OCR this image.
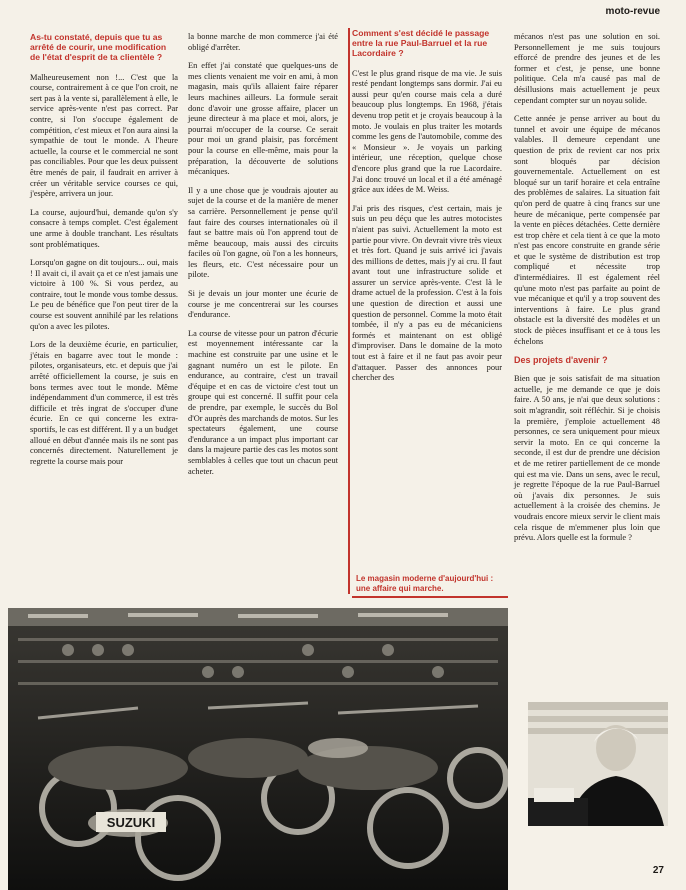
moto-revue
As-tu constaté, depuis que tu as arrêté de courir, une modification de l'état d'esprit de ta clientèle ?

Malheureusement non !... C'est que la course, contrairement à ce que l'on croit, ne sert pas à la vente si, parallèlement à elle, le service après-vente n'est pas correct. Par contre, si l'on s'occupe également de compétition, c'est mieux et l'on aura ainsi la sympathie de tout le monde. A l'heure actuelle, la course et le commercial ne sont pas conciliables. Pour que les deux puissent être menés de pair, il faudrait en arriver à créer un véritable service courses ce qui, j'espère, arrivera un jour.

La course, aujourd'hui, demande qu'on s'y consacre à temps complet. C'est également une arme à double tranchant. Les résultats sont problématiques.

Lorsqu'on gagne on dit toujours... oui, mais ! Il avait ci, il avait ça et ce n'est jamais une victoire à 100 %. Si vous perdez, au contraire, tout le monde vous tombe dessus. Le peu de bénéfice que l'on peut tirer de la course est souvent annihilé par les relations qu'on a avec les pilotes.

Lors de la deuxième écurie, en particulier, j'étais en bagarre avec tout le monde : pilotes, organisateurs, etc. et depuis que j'ai arrêté officiellement la course, je suis en bons termes avec tout le monde. Même indépendamment d'un commerce, il est très difficile et très ingrat de s'occuper d'une écurie. En ce qui concerne les extra-sportifs, le cas est différent. Il y a un budget alloué en début d'année mais ils ne sont pas concernés directement. Naturellement je regrette la course mais pour

la bonne marche de mon commerce j'ai été obligé d'arrêter.

En effet j'ai constaté que quelques-uns de mes clients venaient me voir en ami, à mon magasin, mais qu'ils allaient faire réparer leurs machines ailleurs. La formule serait donc d'avoir une grosse affaire, placer un jeune directeur à ma place et moi, alors, je pourrai m'occuper de la course. Ce serait pour moi un grand plaisir, pas forcément pour la course en elle-même, mais pour la préparation, la découverte de solutions mécaniques.

Il y a une chose que je voudrais ajouter au sujet de la course et de la manière de mener sa carrière. Personnellement je pense qu'il faut faire des courses internationales où il faut se battre mais où l'on apprend tout de même beaucoup, mais aussi des circuits faciles où l'on gagne, où l'on a les honneurs, les fleurs, etc. C'est nécessaire pour un pilote.

Si je devais un jour monter une écurie de course je me concentrerai sur les courses d'endurance.

La course de vitesse pour un patron d'écurie est moyennement intéressante car la machine est construite par une usine et le gagnant numéro un est le pilote. En endurance, au contraire, c'est un travail d'équipe et en cas de victoire c'est tout un groupe qui est concerné. Il suffit pour cela de prendre, par exemple, le succès du Bol d'Or auprès des marchands de motos. Sur les spectateurs également, une course d'endurance a un impact plus important car dans la majeure partie des cas les motos sont semblables à celles que tout un chacun peut acheter.

Comment s'est décidé le passage entre la rue Paul-Barruel et la rue Lacordaire ?

C'est le plus grand risque de ma vie. Je suis resté pendant longtemps sans dormir. J'ai eu aussi peur qu'en course mais cela a duré beaucoup plus longtemps. En 1968, j'étais devenu trop petit et je croyais beaucoup à la moto. Je voulais en plus traiter les motards comme les gens de l'automobile, comme des « Monsieur ». Je voyais un parking intérieur, une réception, quelque chose d'encore plus grand que la rue Lacordaire. J'ai donc trouvé un local et il a été aménagé grâce aux idées de M. Weiss.

J'ai pris des risques, c'est certain, mais je suis un peu déçu que les autres motocistes n'aient pas suivi. Actuellement la moto est partie pour vivre. On devrait vivre très vieux et très fort. Quand je suis arrivé ici j'avais des millions de dettes, mais j'y ai cru. Il faut avant tout une infrastructure solide et assurer un service après-vente. C'est là le drame actuel de la profession. C'est à la fois une question de direction et aussi une question de personnel. Comme la moto était tombée, il n'y a pas eu de mécaniciens formés et maintenant on est obligé d'improviser. Dans le domaine de la moto tout est à faire et il ne faut pas avoir peur d'attaquer. Passer des annonces pour chercher des

mécanos n'est pas une solution en soi. Personnellement je me suis toujours efforcé de prendre des jeunes et de les former et c'est, je pense, une bonne politique. Cela m'a causé pas mal de désillusions mais actuellement je peux cependant compter sur un noyau solide.

Cette année je pense arriver au bout du tunnel et avoir une équipe de mécanos valables. Il demeure cependant une question de prix de revient car nos prix sont bloqués par décision gouvernementale. Actuellement on est bloqué sur un tarif horaire et cela entraîne des problèmes de salaires. La situation fait qu'on perd de quatre à cinq francs sur une heure de mécanique, perte compensée par la vente en pièces détachées. Cette dernière est trop chère et cela tient à ce que la moto n'est pas encore construite en grande série et que le système de distribution est trop compliqué et nécessite trop d'intermédiaires. Il est également réel qu'une moto n'est pas parfaite au point de vue mécanique et qu'il y a trop souvent des interventions à faire. Le plus grand obstacle est la diversité des modèles et un stock de pièces insuffisant et ce à tous les échelons

Des projets d'avenir ?

Bien que je sois satisfait de ma situation actuelle, je me demande ce que je dois faire. A 50 ans, je n'ai que deux solutions : soit m'agrandir, soit réfléchir. Si je choisis la première, j'emploie actuellement 48 personnes, ce sera uniquement pour mieux servir la moto. En ce qui concerne la seconde, il est dur de prendre une décision et de me retirer partiellement de ce monde qui est ma vie. Dans un sens, avec le recul, je regrette l'époque de la rue Paul-Barruel où j'avais dix personnes. Je suis actuellement à la croisée des chemins. Je voudrais encore mieux servir le client mais cela risque de m'emmener plus loin que prévu. Alors quelle est la formule ?

Le magasin moderne d'aujourd'hui : une affaire qui marche.
SUZUKI
27
